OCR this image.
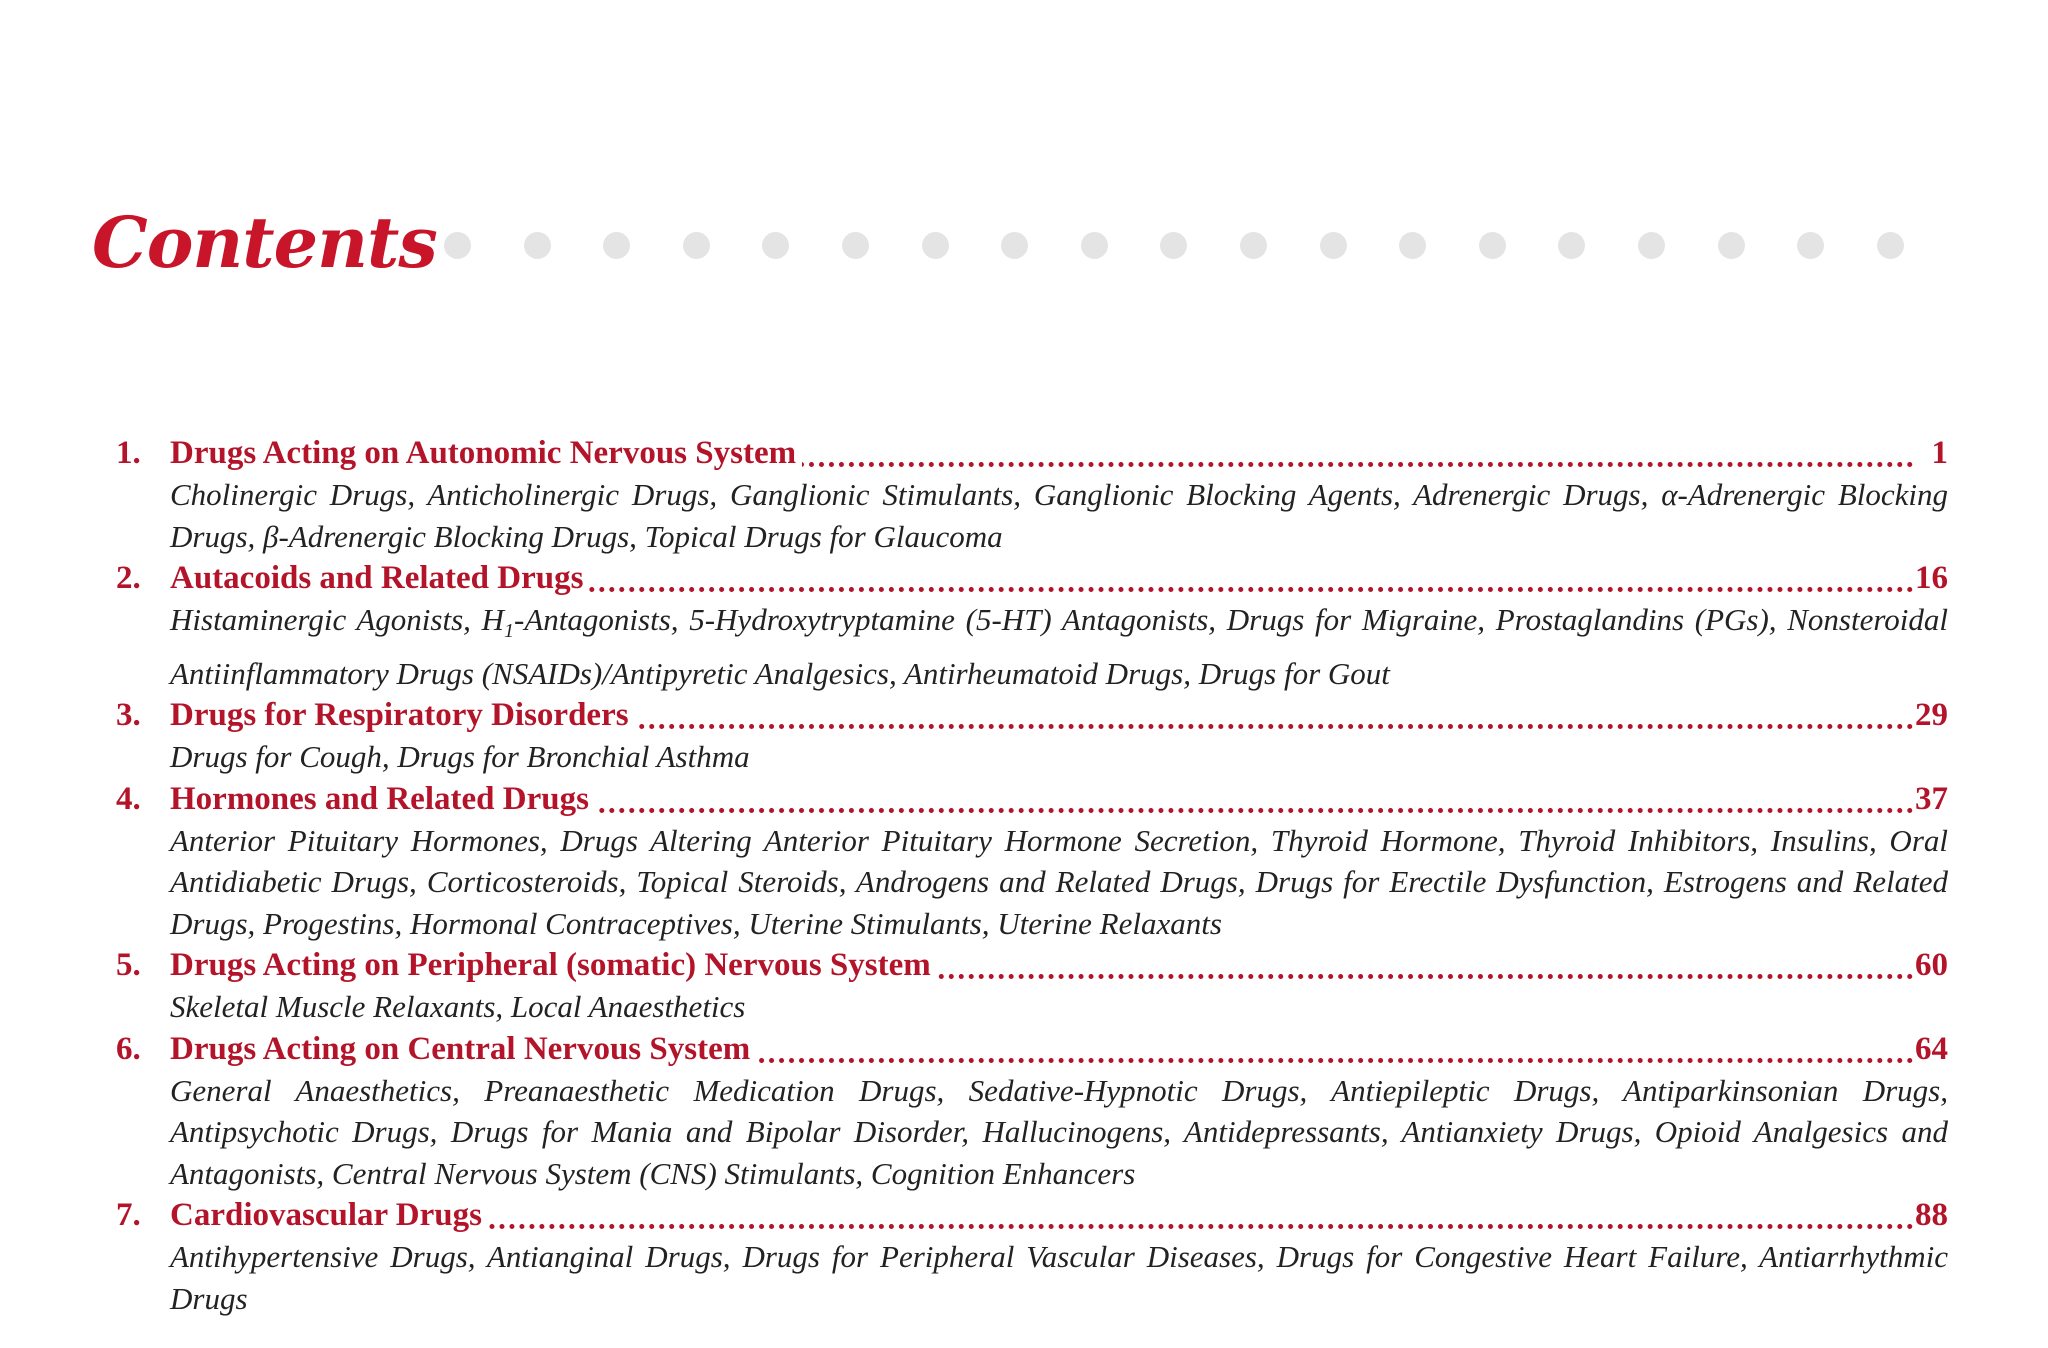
Contents
1. Drugs Acting on Autonomic Nervous System	1

Cholinergic Drugs, Anticholinergic Drugs, Ganglionic Stimulants, Ganglionic Blocking Agents, Adrenergic Drugs, α-Adrenergic Blocking Drugs, β-Adrenergic Blocking Drugs, Topical Drugs for Glaucoma

2. Autacoids and Related Drugs	16

Histaminergic Agonists, $H_1$-Antagonists, 5-Hydroxytryptamine (5-HT) Antagonists, Drugs for Migraine, Prostaglandins (PGs), Nonsteroidal Antiinflammatory Drugs (NSAIDs)/Antipyretic Analgesics, Antirheumatoid Drugs, Drugs for Gout

3. Drugs for Respiratory Disorders	29

Drugs for Cough, Drugs for Bronchial Asthma

4. Hormones and Related Drugs	37

Anterior Pituitary Hormones, Drugs Altering Anterior Pituitary Hormone Secretion, Thyroid Hormone, Thyroid Inhibitors, Insulins, Oral Antidiabetic Drugs, Corticosteroids, Topical Steroids, Androgens and Related Drugs, Drugs for Erectile Dysfunction, Estrogens and Related Drugs, Progestins, Hormonal Contraceptives, Uterine Stimulants, Uterine Relaxants

5. Drugs Acting on Peripheral (somatic) Nervous System	60

Skeletal Muscle Relaxants, Local Anaesthetics

6. Drugs Acting on Central Nervous System	64

General Anaesthetics, Preanaesthetic Medication Drugs, Sedative-Hypnotic Drugs, Antiepileptic Drugs, Antiparkinsonian Drugs, Antipsychotic Drugs, Drugs for Mania and Bipolar Disorder, Hallucinogens, Antidepressants, Antianxiety Drugs, Opioid Analgesics and Antagonists, Central Nervous System (CNS) Stimulants, Cognition Enhancers

7. Cardiovascular Drugs	88

Antihypertensive Drugs, Antianginal Drugs, Drugs for Peripheral Vascular Diseases, Drugs for Congestive Heart Failure, Antiarrhythmic Drugs
